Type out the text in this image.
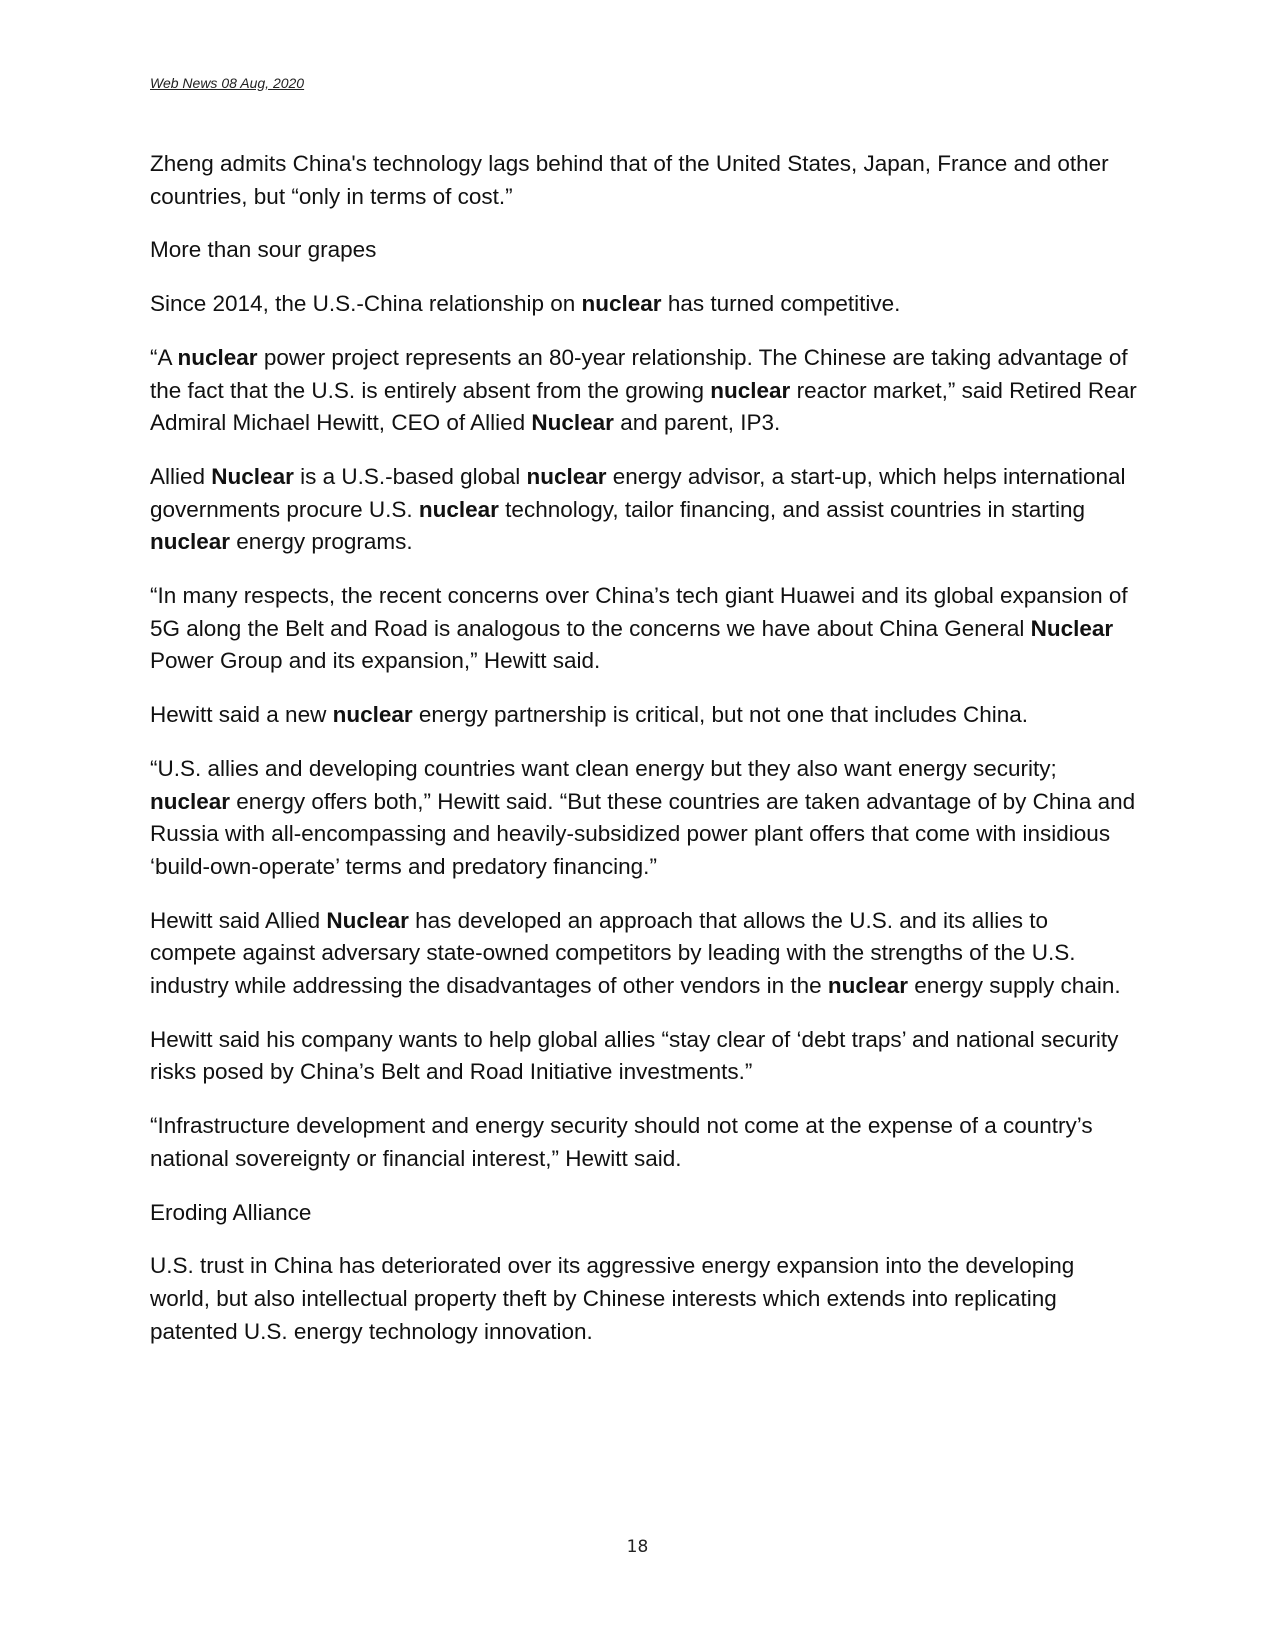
Web News 08 Aug, 2020

Zheng admits China's technology lags behind that of the United States, Japan, France and other countries, but “only in terms of cost.”

More than sour grapes

Since 2014, the U.S.-China relationship on nuclear has turned competitive.

“A nuclear power project represents an 80-year relationship. The Chinese are taking advantage of the fact that the U.S. is entirely absent from the growing nuclear reactor market,” said Retired Rear Admiral Michael Hewitt, CEO of Allied Nuclear and parent, IP3.

Allied Nuclear is a U.S.-based global nuclear energy advisor, a start-up, which helps international governments procure U.S. nuclear technology, tailor financing, and assist countries in starting nuclear energy programs.

“In many respects, the recent concerns over China’s tech giant Huawei and its global expansion of 5G along the Belt and Road is analogous to the concerns we have about China General Nuclear Power Group and its expansion,” Hewitt said.

Hewitt said a new nuclear energy partnership is critical, but not one that includes China.

“U.S. allies and developing countries want clean energy but they also want energy security; nuclear energy offers both,” Hewitt said. “But these countries are taken advantage of by China and Russia with all-encompassing and heavily-subsidized power plant offers that come with insidious ‘build-own-operate’ terms and predatory financing.”

Hewitt said Allied Nuclear has developed an approach that allows the U.S. and its allies to compete against adversary state-owned competitors by leading with the strengths of the U.S. industry while addressing the disadvantages of other vendors in the nuclear energy supply chain.

Hewitt said his company wants to help global allies “stay clear of ‘debt traps’ and national security risks posed by China’s Belt and Road Initiative investments.”

“Infrastructure development and energy security should not come at the expense of a country’s national sovereignty or financial interest,” Hewitt said.

Eroding Alliance

U.S. trust in China has deteriorated over its aggressive energy expansion into the developing world, but also intellectual property theft by Chinese interests which extends into replicating patented U.S. energy technology innovation.

18
